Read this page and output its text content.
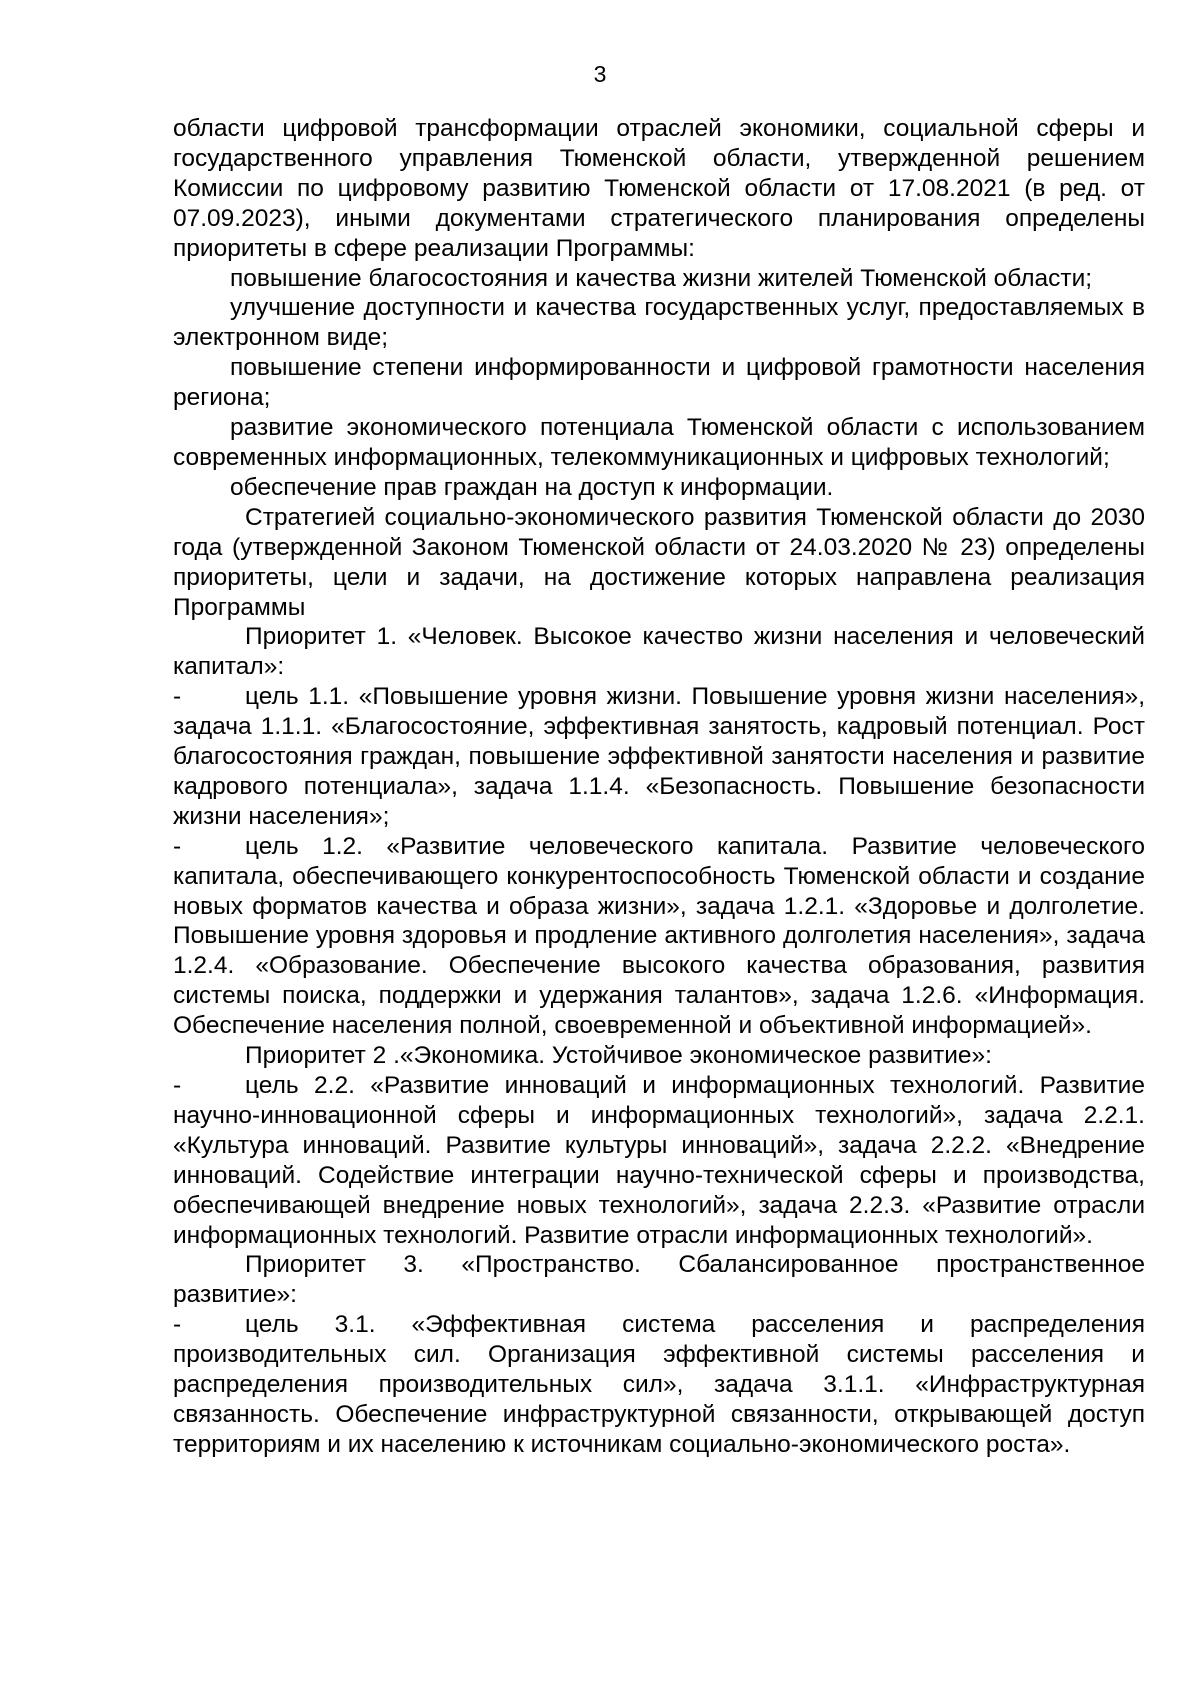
3

области цифровой трансформации отраслей экономики, социальной сферы и государственного управления Тюменской области, утвержденной решением Комиссии по цифровому развитию Тюменской области от 17.08.2021 (в ред. от 07.09.2023), иными документами стратегического планирования определены приоритеты в сфере реализации Программы:

повышение благосостояния и качества жизни жителей Тюменской области;

улучшение доступности и качества государственных услуг, предоставляемых в электронном виде;

повышение степени информированности и цифровой грамотности населения региона;

развитие экономического потенциала Тюменской области с использованием современных информационных, телекоммуникационных и цифровых технологий;

обеспечение прав граждан на доступ к информации.

Стратегией социально-экономического развития Тюменской области до 2030 года (утвержденной Законом Тюменской области от 24.03.2020 № 23) определены приоритеты, цели и задачи, на достижение которых направлена реализация Программы

Приоритет 1. «Человек. Высокое качество жизни населения и человеческий капитал»:

-	цель 1.1. «Повышение уровня жизни. Повышение уровня жизни населения», задача 1.1.1. «Благосостояние, эффективная занятость, кадровый потенциал. Рост благосостояния граждан, повышение эффективной занятости населения и развитие кадрового потенциала», задача 1.1.4. «Безопасность. Повышение безопасности жизни населения»;

-	цель 1.2. «Развитие человеческого капитала. Развитие человеческого капитала, обеспечивающего конкурентоспособность Тюменской области и создание новых форматов качества и образа жизни», задача 1.2.1. «Здоровье и долголетие. Повышение уровня здоровья и продление активного долголетия населения», задача 1.2.4. «Образование. Обеспечение высокого качества образования, развития системы поиска, поддержки и удержания талантов», задача 1.2.6. «Информация. Обеспечение населения полной, своевременной и объективной информацией».

Приоритет 2 .«Экономика. Устойчивое экономическое развитие»:

-	цель 2.2. «Развитие инноваций и информационных технологий. Развитие научно-инновационной сферы и информационных технологий», задача 2.2.1. «Культура инноваций. Развитие культуры инноваций», задача 2.2.2. «Внедрение инноваций. Содействие интеграции научно-технической сферы и производства, обеспечивающей внедрение новых технологий», задача 2.2.3. «Развитие отрасли информационных технологий. Развитие отрасли информационных технологий».

Приоритет 3. «Пространство. Сбалансированное пространственное развитие»:

-	цель 3.1. «Эффективная система расселения и распределения производительных сил. Организация эффективной системы расселения и распределения производительных сил», задача 3.1.1. «Инфраструктурная связанность. Обеспечение инфраструктурной связанности, открывающей доступ территориям и их населению к источникам социально-экономического роста».
